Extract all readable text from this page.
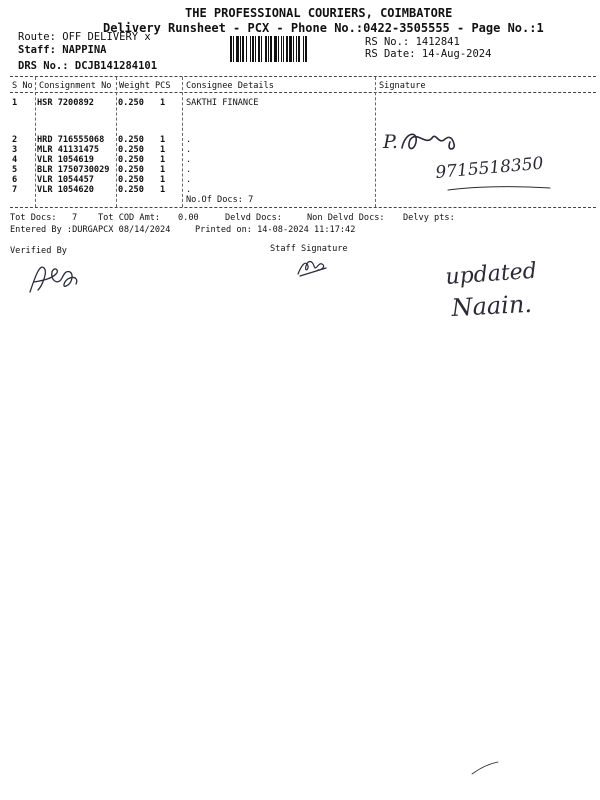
THE PROFESSIONAL COURIERS, COIMBATORE
Delivery Runsheet - PCX - Phone No.:0422-3505555 - Page No.:1
Route: OFF DELIVERY x
Staff: NAPPINA
DRS No.: DCJB141284101
RS No.: 1412841
RS Date: 14-Aug-2024
S No Consignment No Weight PCS Consignee Details	Signature
1 HSR 7200892	0.250 1 SAKTHI FINANCE
2 HRD 716555068 0.250 1 .
3 MLR 41131475 0.250 1 .
4 VLR 1054619	0.250 1 .
5 BLR 1750730029 0.250 1 .
6 VLR 1054457	0.250 1 .
7 VLR 1054620	0.250 1 .
No.Of Docs: 7
Tot Docs: 7 Tot COD Amt: 0.00	Delvd Docs:	Non Delvd Docs: Delvy pts:
Entered By :DURGAPCX 08/14/2024	Printed on: 14-08-2024 11:17:42
Verified By	Staff Signature
P.
9715518350
updated
Naain.
